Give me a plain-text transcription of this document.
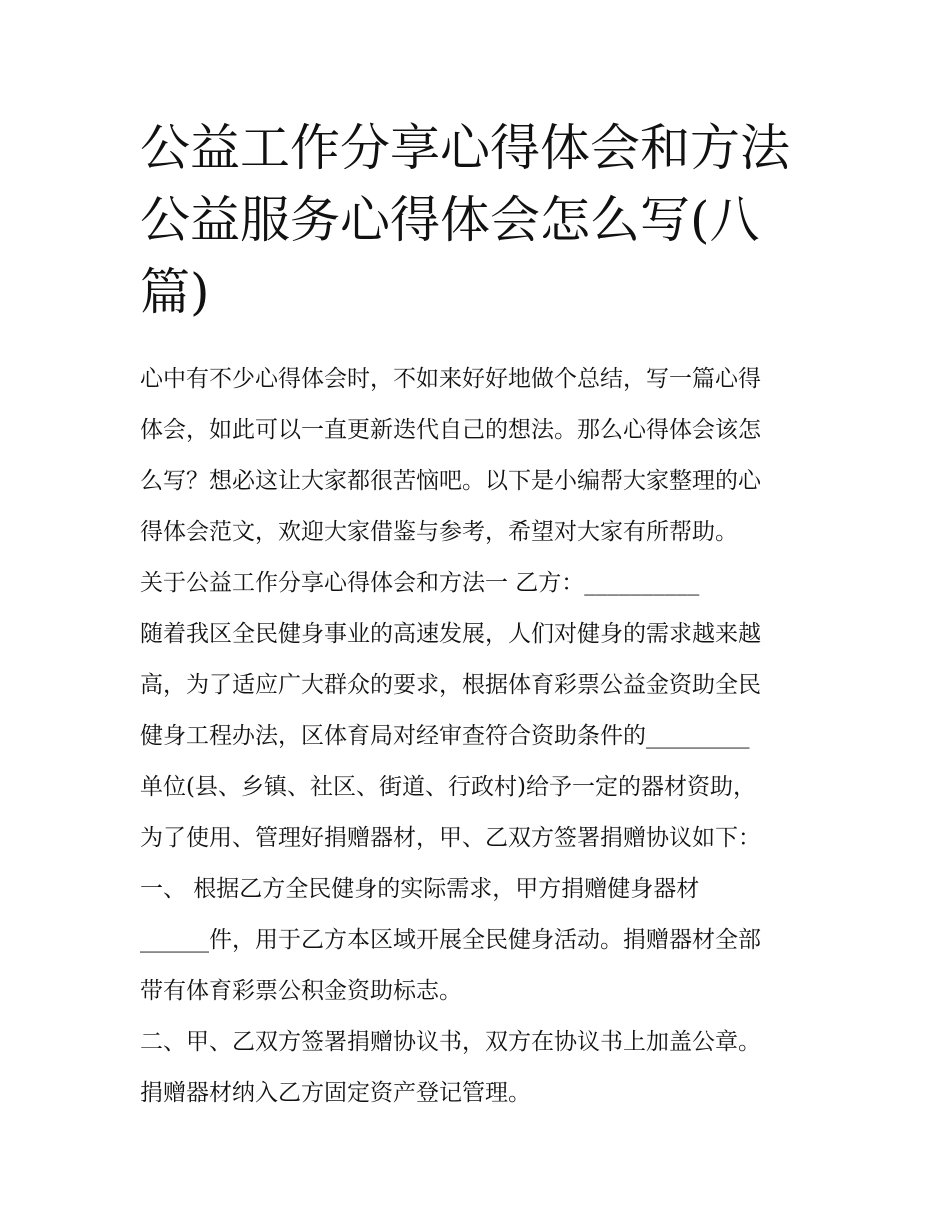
公益工作分享心得体会和方法
公益服务心得体会怎么写(八
篇)
心中有不少心得体会时，不如来好好地做个总结，写一篇心得
体会，如此可以一直更新迭代自己的想法。那么心得体会该怎
么写？想必这让大家都很苦恼吧。以下是小编帮大家整理的心
得体会范文，欢迎大家借鉴与参考，希望对大家有所帮助。
关于公益工作分享心得体会和方法一 乙方：__________
随着我区全民健身事业的高速发展，人们对健身的需求越来越
高，为了适应广大群众的要求，根据体育彩票公益金资助全民
健身工程办法，区体育局对经审查符合资助条件的_________
单位(县、乡镇、社区、街道、行政村)给予一定的器材资助，
为了使用、管理好捐赠器材，甲、乙双方签署捐赠协议如下：
一、 根据乙方全民健身的实际需求，甲方捐赠健身器材
______件，用于乙方本区域开展全民健身活动。捐赠器材全部
带有体育彩票公积金资助标志。
二、甲、乙双方签署捐赠协议书，双方在协议书上加盖公章。
捐赠器材纳入乙方固定资产登记管理。
